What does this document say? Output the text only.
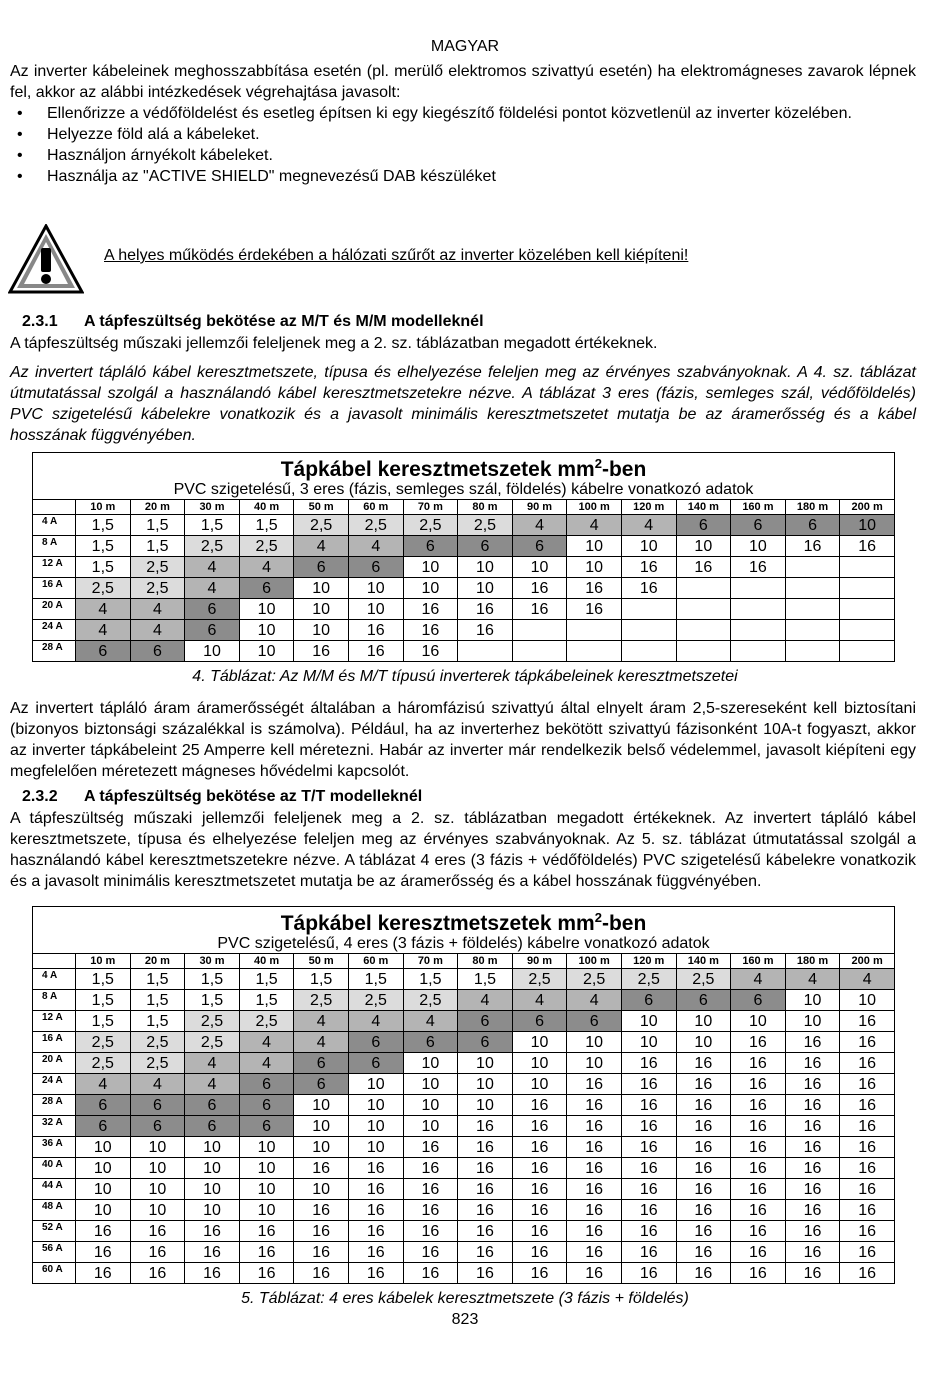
MAGYAR
Az inverter kábeleinek meghosszabbítása esetén (pl. merülő elektromos szivattyú esetén) ha elektromágneses zavarok lépnek fel, akkor az alábbi intézkedések végrehajtása javasolt:
•	Ellenőrizze a védőföldelést és esetleg építsen ki egy kiegészítő földelési pontot közvetlenül az inverter közelében.
•	Helyezze föld alá a kábeleket.
•	Használjon árnyékolt kábeleket.
•	Használja az "ACTIVE SHIELD" megnevezésű DAB készüléket
A helyes működés érdekében a hálózati szűrőt az inverter közelében kell kiépíteni!
2.3.1 A tápfeszültség bekötése az M/T és M/M modelleknél
A tápfeszültség műszaki jellemzői feleljenek meg a 2. sz. táblázatban megadott értékeknek.
Az invertert tápláló kábel keresztmetszete, típusa és elhelyezése feleljen meg az érvényes szabványoknak. A 4. sz. táblázat útmutatással szolgál a használandó kábel keresztmetszetekre nézve. A táblázat 3 eres (fázis, semleges szál, védőföldelés) PVC szigetelésű kábelekre vonatkozik és a javasolt minimális keresztmetszetet mutatja be az áramerősség és a kábel hosszának függvényében.
Tápkábel keresztmetszetek $mm^2$-ben
PVC szigetelésű, 3 eres (fázis, semleges szál, földelés) kábelre vonatkozó adatok															

	10 m	20 m	30 m	40 m	50 m	60 m	70 m	80 m	90 m	100 m	120 m	140 m	160 m	180 m	200 m
4 A	1,5	1,5	1,5	1,5	2,5	2,5	2,5	2,5	4	4	4	6	6	6	10
8 A	1,5	1,5	2,5	2,5	4	4	6	6	6	10	10	10	10	16	16
12 A	1,5	2,5	4	4	6	6	10	10	10	10	16	16	16		
16 A	2,5	2,5	4	6	10	10	10	10	16	16	16				
20 A	4	4	6	10	10	10	16	16	16	16					
24 A	4	4	6	10	10	16	16	16							
28 A	6	6	10	10	16	16	16								
4. Táblázat: Az M/M és M/T típusú inverterek tápkábeleinek keresztmetszetei
Az invertert tápláló áram áramerősségét általában a háromfázisú szivattyú által elnyelt áram 2,5-szereseként kell biztosítani (bizonyos biztonsági százalékkal is számolva). Például, ha az inverterhez bekötött szivattyú fázisonként 10A-t fogyaszt, akkor az inverter tápkábeleint 25 Amperre kell méretezni. Habár az inverter már rendelkezik belső védelemmel, javasolt kiépíteni egy megfelelően méretezett mágneses hővédelmi kapcsolót.
2.3.2 A tápfeszültség bekötése az T/T modelleknél
A tápfeszültség műszaki jellemzői feleljenek meg a 2. sz. táblázatban megadott értékeknek. Az invertert tápláló kábel keresztmetszete, típusa és elhelyezése feleljen meg az érvényes szabványoknak. Az 5. sz. táblázat útmutatással szolgál a használandó kábel keresztmetszetekre nézve. A táblázat 4 eres (3 fázis + védőföldelés) PVC szigetelésű kábelekre vonatkozik és a javasolt minimális keresztmetszetet mutatja be az áramerősség és a kábel hosszának függvényében.
Tápkábel keresztmetszetek $mm^2$-ben
PVC szigetelésű, 4 eres (3 fázis + földelés) kábelre vonatkozó adatok															

	10 m	20 m	30 m	40 m	50 m	60 m	70 m	80 m	90 m	100 m	120 m	140 m	160 m	180 m	200 m
4 A	1,5	1,5	1,5	1,5	1,5	1,5	1,5	1,5	2,5	2,5	2,5	2,5	4	4	4
8 A	1,5	1,5	1,5	1,5	2,5	2,5	2,5	4	4	4	6	6	6	10	10
12 A	1,5	1,5	2,5	2,5	4	4	4	6	6	6	10	10	10	10	16
16 A	2,5	2,5	2,5	4	4	6	6	6	10	10	10	10	16	16	16
20 A	2,5	2,5	4	4	6	6	10	10	10	10	16	16	16	16	16
24 A	4	4	4	6	6	10	10	10	10	16	16	16	16	16	16
28 A	6	6	6	6	10	10	10	10	16	16	16	16	16	16	16
32 A	6	6	6	6	10	10	10	16	16	16	16	16	16	16	16
36 A	10	10	10	10	10	10	16	16	16	16	16	16	16	16	16
40 A	10	10	10	10	16	16	16	16	16	16	16	16	16	16	16
44 A	10	10	10	10	10	16	16	16	16	16	16	16	16	16	16
48 A	10	10	10	10	16	16	16	16	16	16	16	16	16	16	16
52 A	16	16	16	16	16	16	16	16	16	16	16	16	16	16	16
56 A	16	16	16	16	16	16	16	16	16	16	16	16	16	16	16
60 A	16	16	16	16	16	16	16	16	16	16	16	16	16	16	16
5. Táblázat: 4 eres kábelek keresztmetszete (3 fázis + földelés)
823
